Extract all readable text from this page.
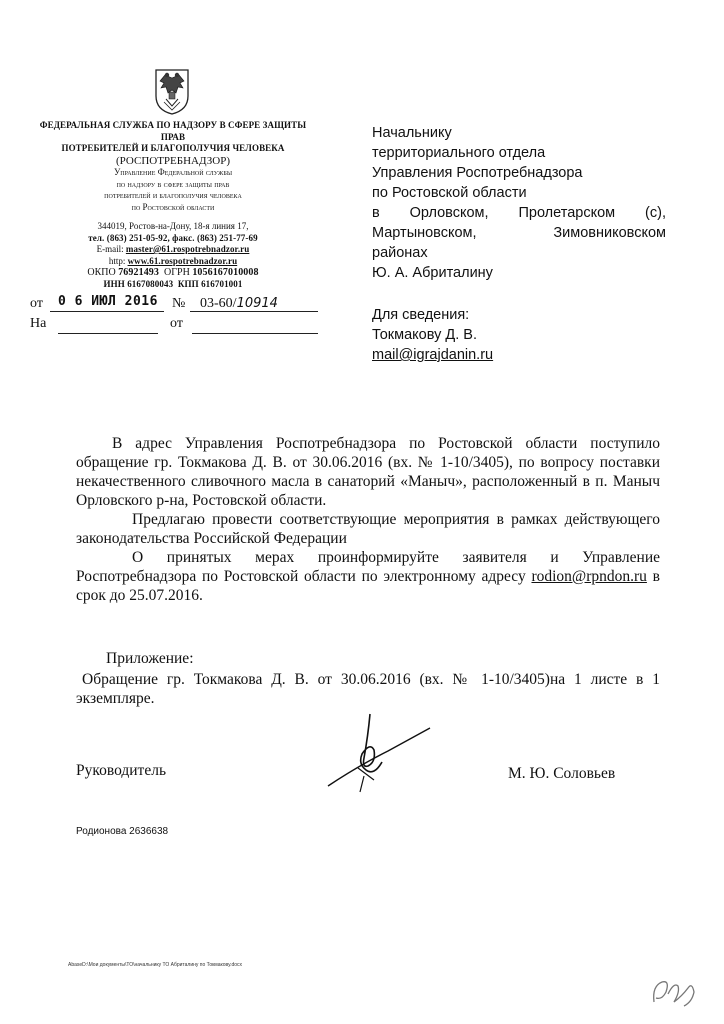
ФЕДЕРАЛЬНАЯ СЛУЖБА ПО НАДЗОРУ В СФЕРЕ ЗАЩИТЫ ПРАВ
ПОТРЕБИТЕЛЕЙ И БЛАГОПОЛУЧИЯ ЧЕЛОВЕКА
(РОСПОТРЕБНАДЗОР)
Управление Федеральной службы
по надзору в сфере защиты прав
потребителей и благополучия человека
по Ростовской области
344019, Ростов-на-Дону, 18-я линия 17,
тел. (863) 251-05-92, факс. (863) 251-77-69
E-mail: master@61.rospotrebnadzor.ru
http: www.61.rospotrebnadzor.ru
ОКПО 76921493 ОГРН 1056167010008
ИНН 6167080043 КПП 616701001
от 0 6 ИЮЛ 2016 № 03-60/10914
На	от
Начальнику
территориального отдела
Управления Роспотребнадзора
по Ростовской области
в Орловском, Пролетарском (с),
Мартыновском,	Зимовниковском
районах
Ю. А. Абриталину
Для сведения:
Токмакову Д. В.
mail@igrajdanin.ru

В адрес Управления Роспотребнадзора по Ростовской области поступило обращение гр. Токмакова Д. В. от 30.06.2016 (вх. № 1-10/3405), по вопросу поставки некачественного сливочного масла в санаторий «Маныч», расположенный в п. Маныч Орловского р-на, Ростовской области.

Предлагаю провести соответствующие мероприятия в рамках действующего законодательства Российской Федерации

О принятых мерах проинформируйте заявителя и Управление Роспотребнадзора по Ростовской области по электронному адресу rodion@rpndon.ru в срок до 25.07.2016.

Приложение:

Обращение гр. Токмакова Д. В. от 30.06.2016 (вх. № 1-10/3405)на 1 листе в 1 экземпляре.

Руководитель	М. Ю. Соловьев
Родионова 2636638
AbaseD:\Мои документы\ТО\начальнику ТО Абриталину по Токмакову.docx
